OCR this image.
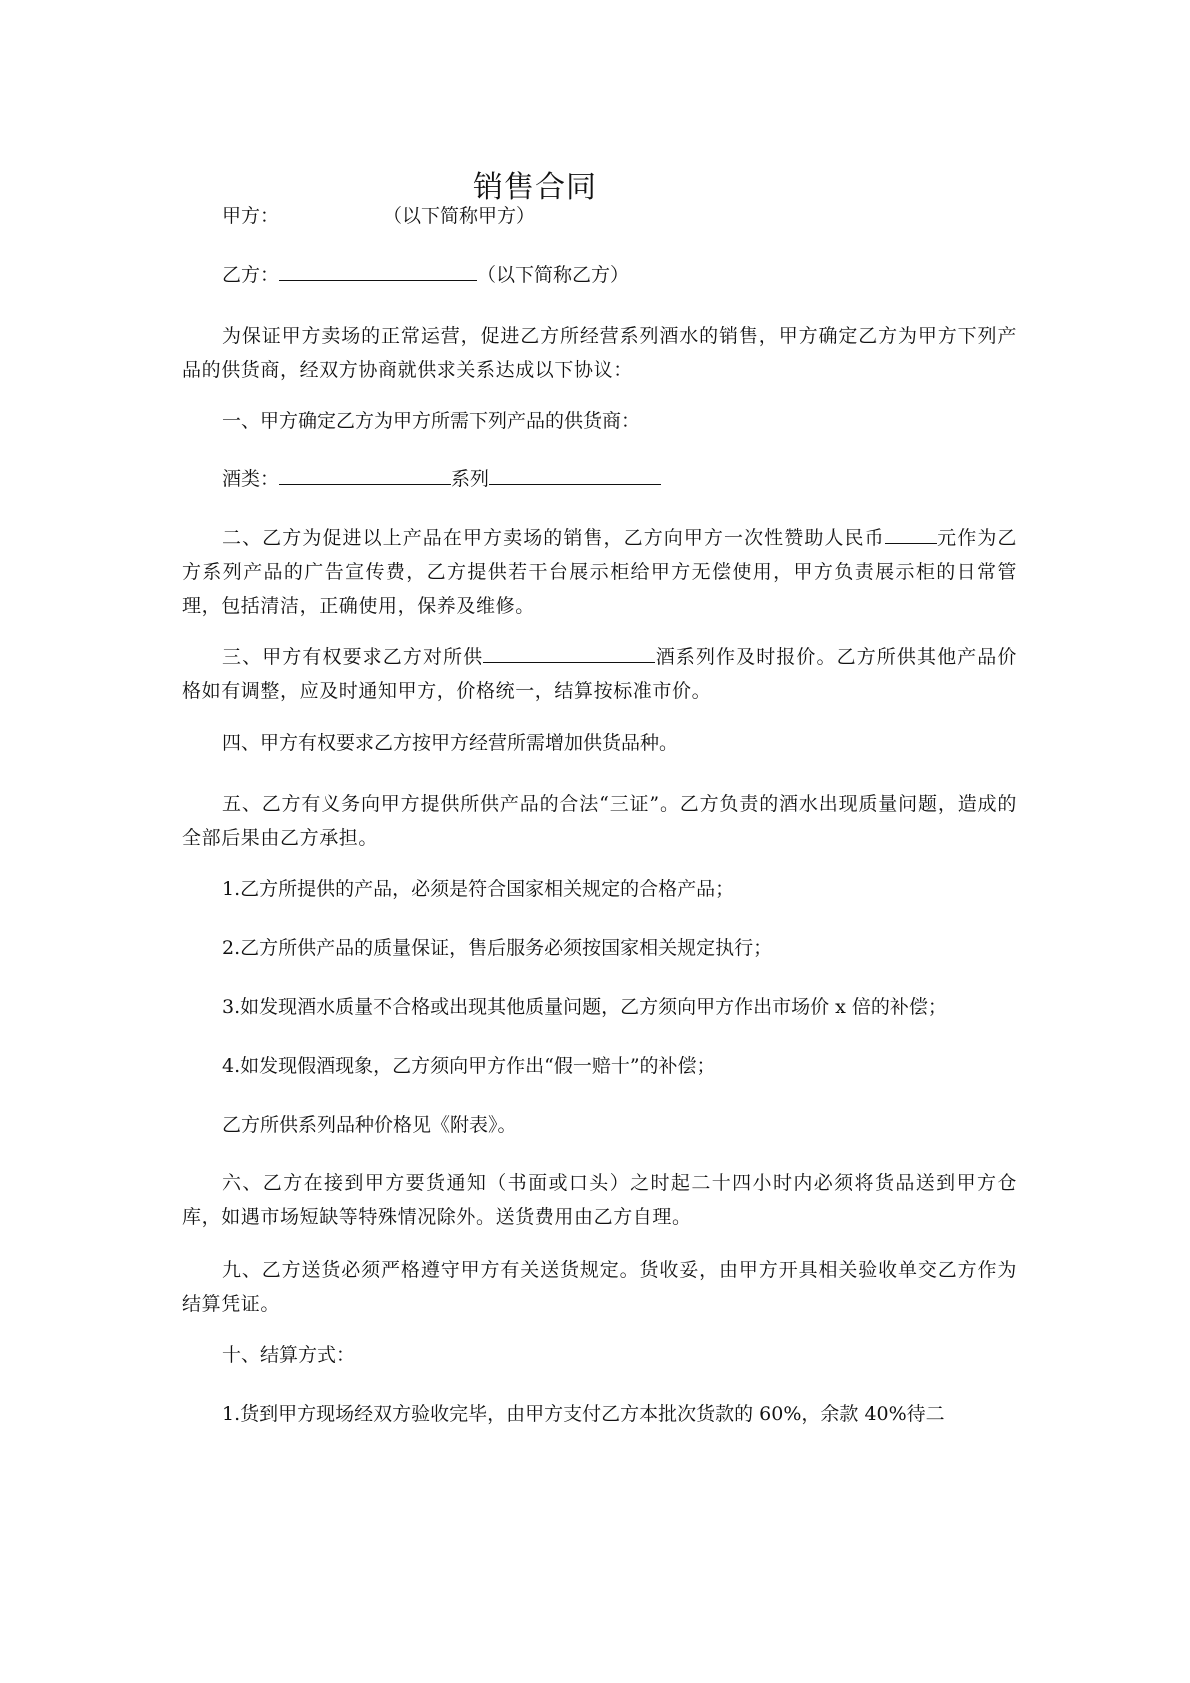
销售合同

甲方：	（以下简称甲方）

乙方：	（以下简称乙方）

为保证甲方卖场的正常运营，促进乙方所经营系列酒水的销售，甲方确定乙方为甲方下列产品的供货商，经双方协商就供求关系达成以下协议：

一、甲方确定乙方为甲方所需下列产品的供货商：

酒类：	系列

二、乙方为促进以上产品在甲方卖场的销售，乙方向甲方一次性赞助人民币	元作为乙方系列产品的广告宣传费，乙方提供若干台展示柜给甲方无偿使用，甲方负责展示柜的日常管理，包括清洁，正确使用，保养及维修。

三、甲方有权要求乙方对所供	酒系列作及时报价。乙方所供其他产品价格如有调整，应及时通知甲方，价格统一，结算按标准市价。

四、甲方有权要求乙方按甲方经营所需增加供货品种。

五、乙方有义务向甲方提供所供产品的合法“三证”。乙方负责的酒水出现质量问题，造成的全部后果由乙方承担。

1.乙方所提供的产品，必须是符合国家相关规定的合格产品；

2.乙方所供产品的质量保证，售后服务必须按国家相关规定执行；

3.如发现酒水质量不合格或出现其他质量问题，乙方须向甲方作出市场价 x 倍的补偿；

4.如发现假酒现象，乙方须向甲方作出“假一赔十”的补偿；

乙方所供系列品种价格见《附表》。

六、乙方在接到甲方要货通知（书面或口头）之时起二十四小时内必须将货品送到甲方仓库，如遇市场短缺等特殊情况除外。送货费用由乙方自理。

九、乙方送货必须严格遵守甲方有关送货规定。货收妥，由甲方开具相关验收单交乙方作为结算凭证。

十、结算方式：

1.货到甲方现场经双方验收完毕，由甲方支付乙方本批次货款的 60%，余款 40%待二
